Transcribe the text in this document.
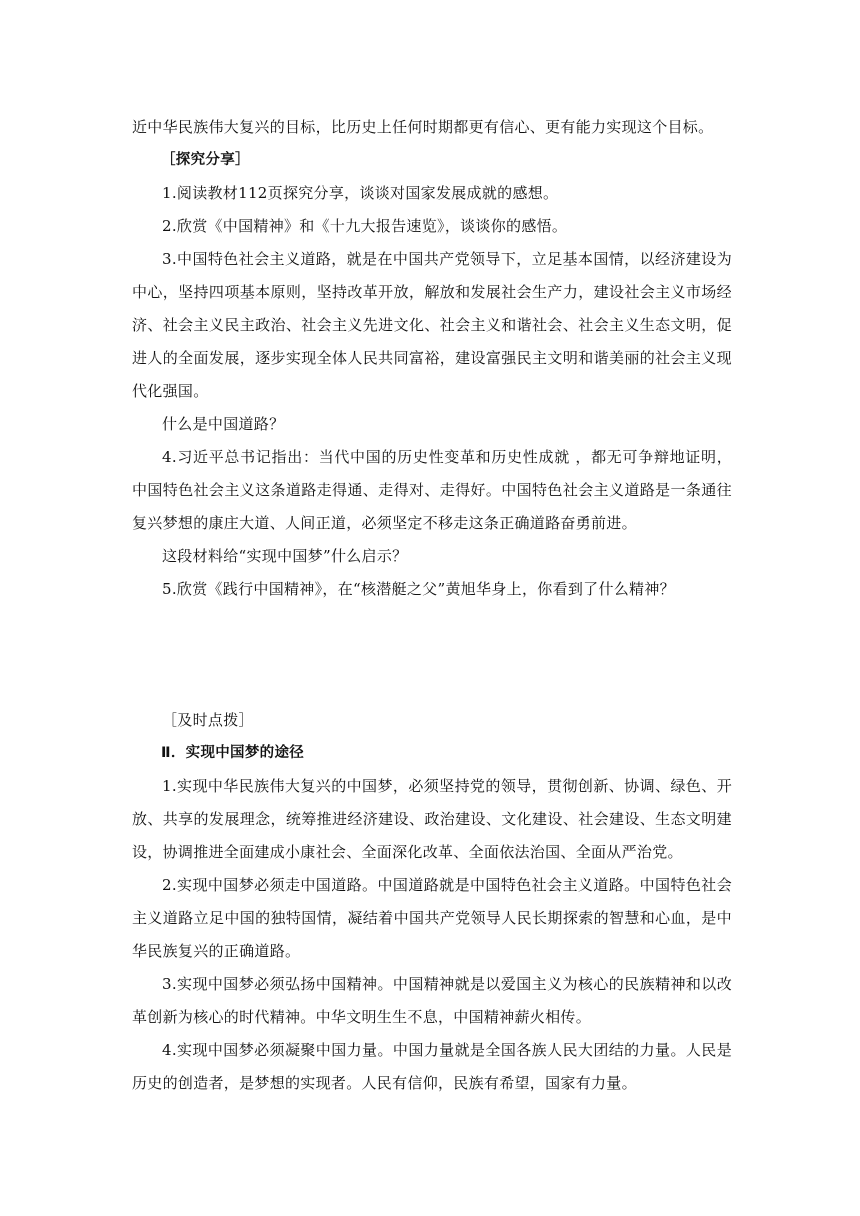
近中华民族伟大复兴的目标，比历史上任何时期都更有信心、更有能力实现这个目标。
［探究分享］
1.阅读教材112页探究分享，谈谈对国家发展成就的感想。
2.欣赏《中国精神》和《十九大报告速览》，谈谈你的感悟。

3.中国特色社会主义道路，就是在中国共产党领导下，立足基本国情，以经济建设为中心，坚持四项基本原则，坚持改革开放，解放和发展社会生产力，建设社会主义市场经济、社会主义民主政治、社会主义先进文化、社会主义和谐社会、社会主义生态文明，促进人的全面发展，逐步实现全体人民共同富裕，建设富强民主文明和谐美丽的社会主义现代化强国。

什么是中国道路？

4.习近平总书记指出：当代中国的历史性变革和历史性成就 ，都无可争辩地证明，中国特色社会主义这条道路走得通、走得对、走得好。中国特色社会主义道路是一条通往复兴梦想的康庄大道、人间正道，必须坚定不移走这条正确道路奋勇前进。

这段材料给“实现中国梦”什么启示？
5.欣赏《践行中国精神》，在“核潜艇之父”黄旭华身上，你看到了什么精神？
［及时点拨］
Ⅱ．实现中国梦的途径

1.实现中华民族伟大复兴的中国梦，必须坚持党的领导，贯彻创新、协调、绿色、开放、共享的发展理念，统筹推进经济建设、政治建设、文化建设、社会建设、生态文明建设，协调推进全面建成小康社会、全面深化改革、全面依法治国、全面从严治党。

2.实现中国梦必须走中国道路。中国道路就是中国特色社会主义道路。中国特色社会主义道路立足中国的独特国情，凝结着中国共产党领导人民长期探索的智慧和心血，是中华民族复兴的正确道路。

3.实现中国梦必须弘扬中国精神。中国精神就是以爱国主义为核心的民族精神和以改革创新为核心的时代精神。中华文明生生不息，中国精神薪火相传。

4.实现中国梦必须凝聚中国力量。中国力量就是全国各族人民大团结的力量。人民是历史的创造者，是梦想的实现者。人民有信仰，民族有希望，国家有力量。
